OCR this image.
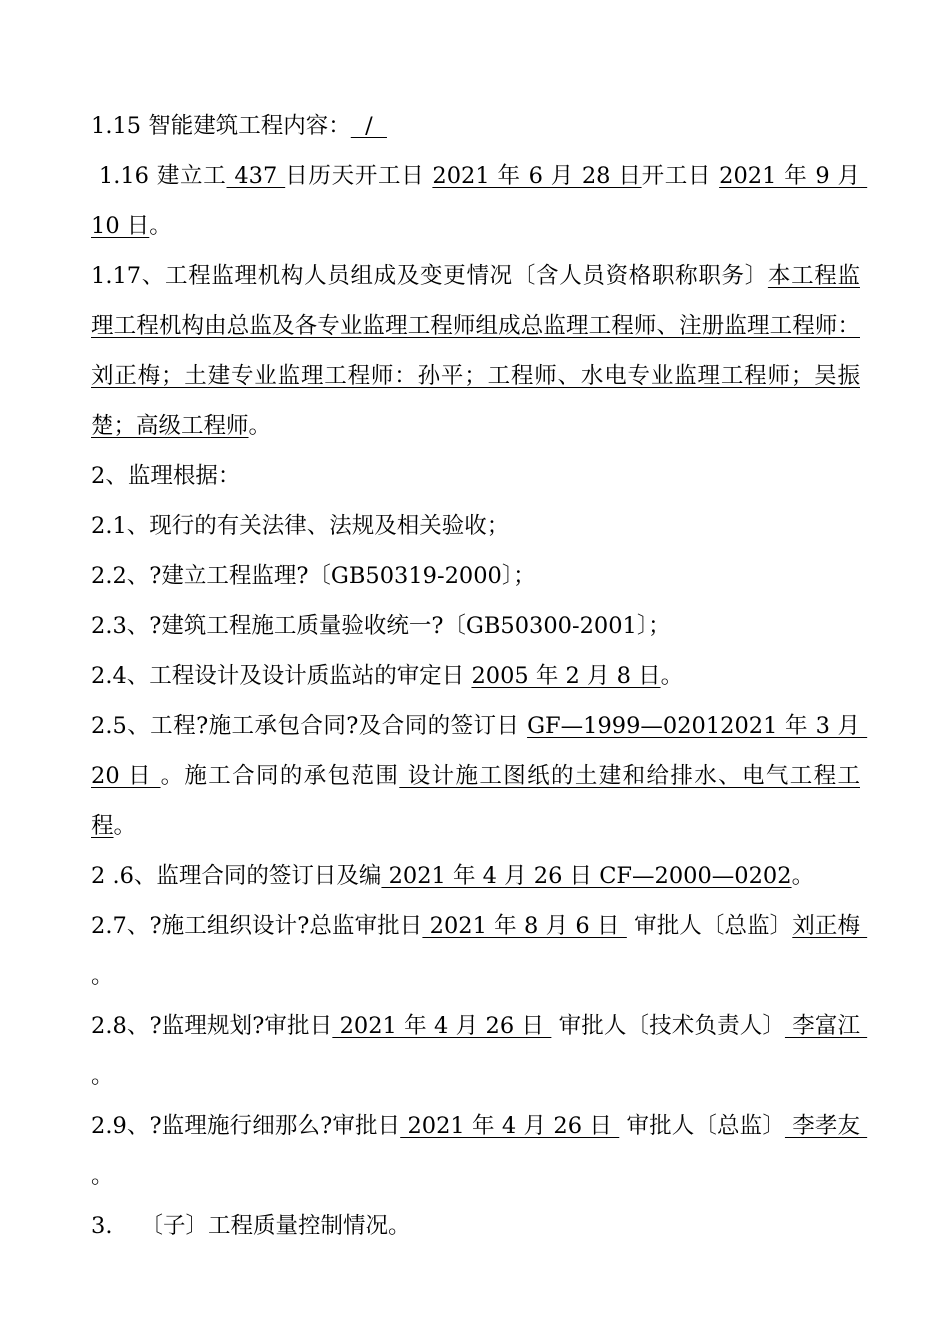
1.15 智能建筑工程内容：  /

1.16 建立工 437 日历天开工日 2021 年 6 月 28 日开工日 2021 年 9 月 10 日。

1.17、工程监理机构人员组成及变更情况〔含人员资格职称职务〕本工程监理工程机构由总监及各专业监理工程师组成总监理工程师、注册监理工程师：刘正梅；土建专业监理工程师：孙平；工程师、水电专业监理工程师；吴振楚；高级工程师。

2、监理根据：

2.1、现行的有关法律、法规及相关验收；

2.2、?建立工程监理?〔GB50319-2000〕；

2.3、?建筑工程施工质量验收统一?〔GB50300-2001〕；

2.4、工程设计及设计质监站的审定日 2005 年 2 月 8 日。

2.5、工程?施工承包合同?及合同的签订日 GF—1999—02012021 年 3 月 20 日 。施工合同的承包范围 设计施工图纸的土建和给排水、电气工程工程。

2 .6、监理合同的签订日及编 2021 年 4 月 26 日 CF—2000—0202。

2.7、?施工组织设计?总监审批日 2021 年 8 月 6 日  审批人〔总监〕刘正梅 。

2.8、?监理规划?审批日 2021 年 4 月 26 日  审批人〔技术负责人〕 李富江 。

2.9、?监理施行细那么?审批日 2021 年 4 月 26 日  审批人〔总监〕 李孝友 。

3. 〔子〕工程质量控制情况。
